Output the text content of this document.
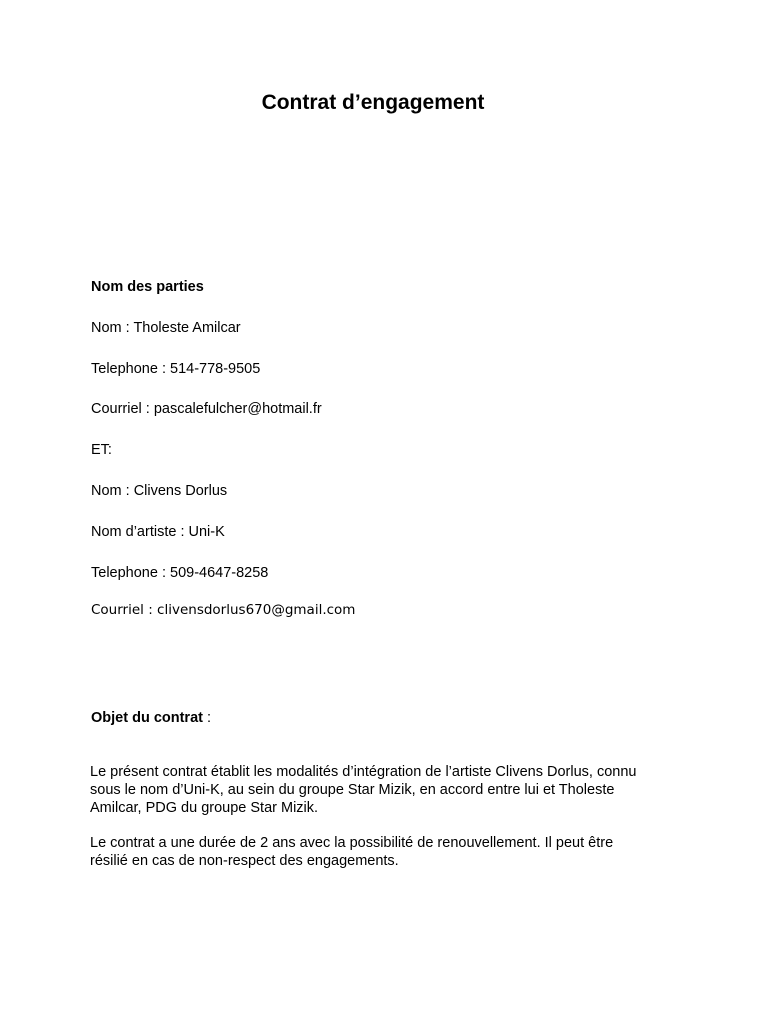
Contrat d’engagement

Nom des parties

Nom : Tholeste Amilcar

Telephone : 514-778-9505

Courriel : pascalefulcher@hotmail.fr

ET:

Nom : Clivens Dorlus

Nom d’artiste : Uni-K

Telephone : 509-4647-8258

Courriel : clivensdorlus670@gmail.com

Objet du contrat :

Le présent contrat établit les modalités d’intégration de l’artiste Clivens Dorlus, connu sous le nom d’Uni-K, au sein du groupe Star Mizik, en accord entre lui et Tholeste Amilcar, PDG du groupe Star Mizik.

Le contrat a une durée de 2 ans avec la possibilité de renouvellement. Il peut être résilié en cas de non-respect des engagements.
